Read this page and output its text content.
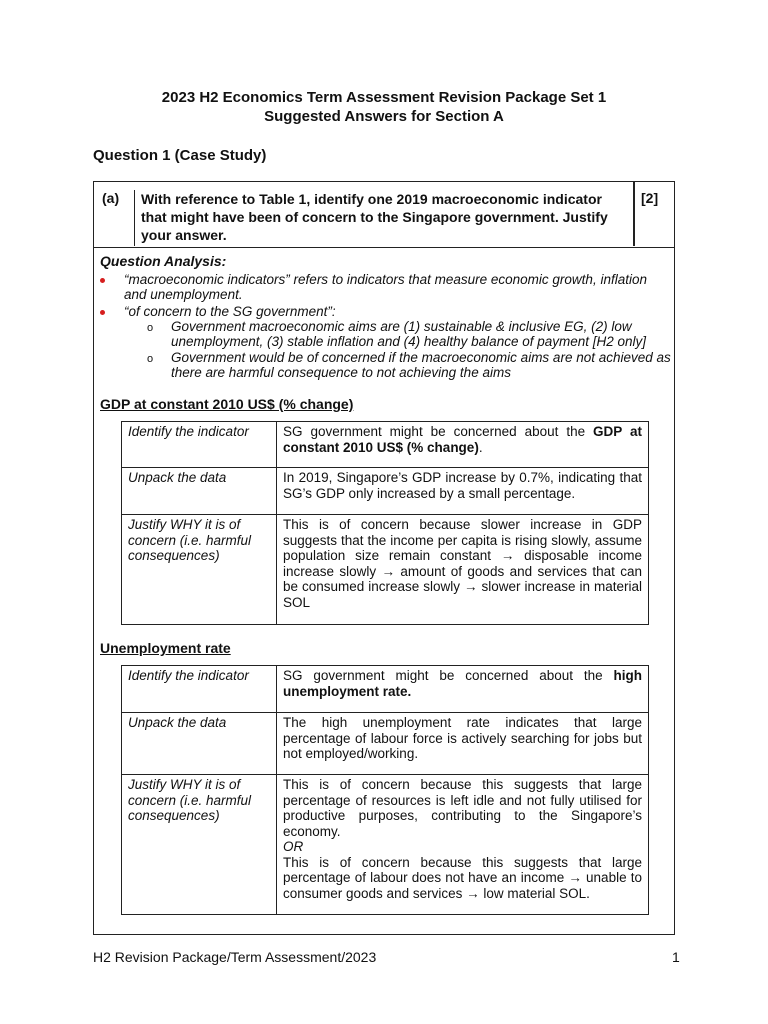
2023 H2 Economics Term Assessment Revision Package Set 1
Suggested Answers for Section A
Question 1 (Case Study)
(a)	With reference to Table 1, identify one 2019 macroeconomic indicator that might have been of concern to the Singapore government. Justify your answer.
[2]
Question Analysis:
“macroeconomic indicators” refers to indicators that measure economic growth, inflation and unemployment.
“of concern to the SG government”:
o Government macroeconomic aims are (1) sustainable & inclusive EG, (2) low unemployment, (3) stable inflation and (4) healthy balance of payment [H2 only]
o Government would be of concerned if the macroeconomic aims are not achieved as there are harmful consequence to not achieving the aims
GDP at constant 2010 US$ (% change)
Identify the indicator	SG government might be concerned about the GDP at constant 2010 US$ (% change).
Unpack the data	In 2019, Singapore’s GDP increase by 0.7%, indicating that SG’s GDP only increased by a small percentage.
Justify WHY it is of concern (i.e. harmful consequences)	This is of concern because slower increase in GDP suggests that the income per capita is rising slowly, assume population size remain constant → disposable income increase slowly → amount of goods and services that can be consumed increase slowly → slower increase in material SOL
Unemployment rate
Identify the indicator	SG government might be concerned about the high unemployment rate.
Unpack the data	The high unemployment rate indicates that large percentage of labour force is actively searching for jobs but not employed/working.
Justify WHY it is of concern (i.e. harmful consequences)	This is of concern because this suggests that large percentage of resources is left idle and not fully utilised for productive purposes, contributing to the Singapore’s economy.
OR
This is of concern because this suggests that large percentage of labour does not have an income → unable to consumer goods and services → low material SOL.
H2 Revision Package/Term Assessment/2023	1
